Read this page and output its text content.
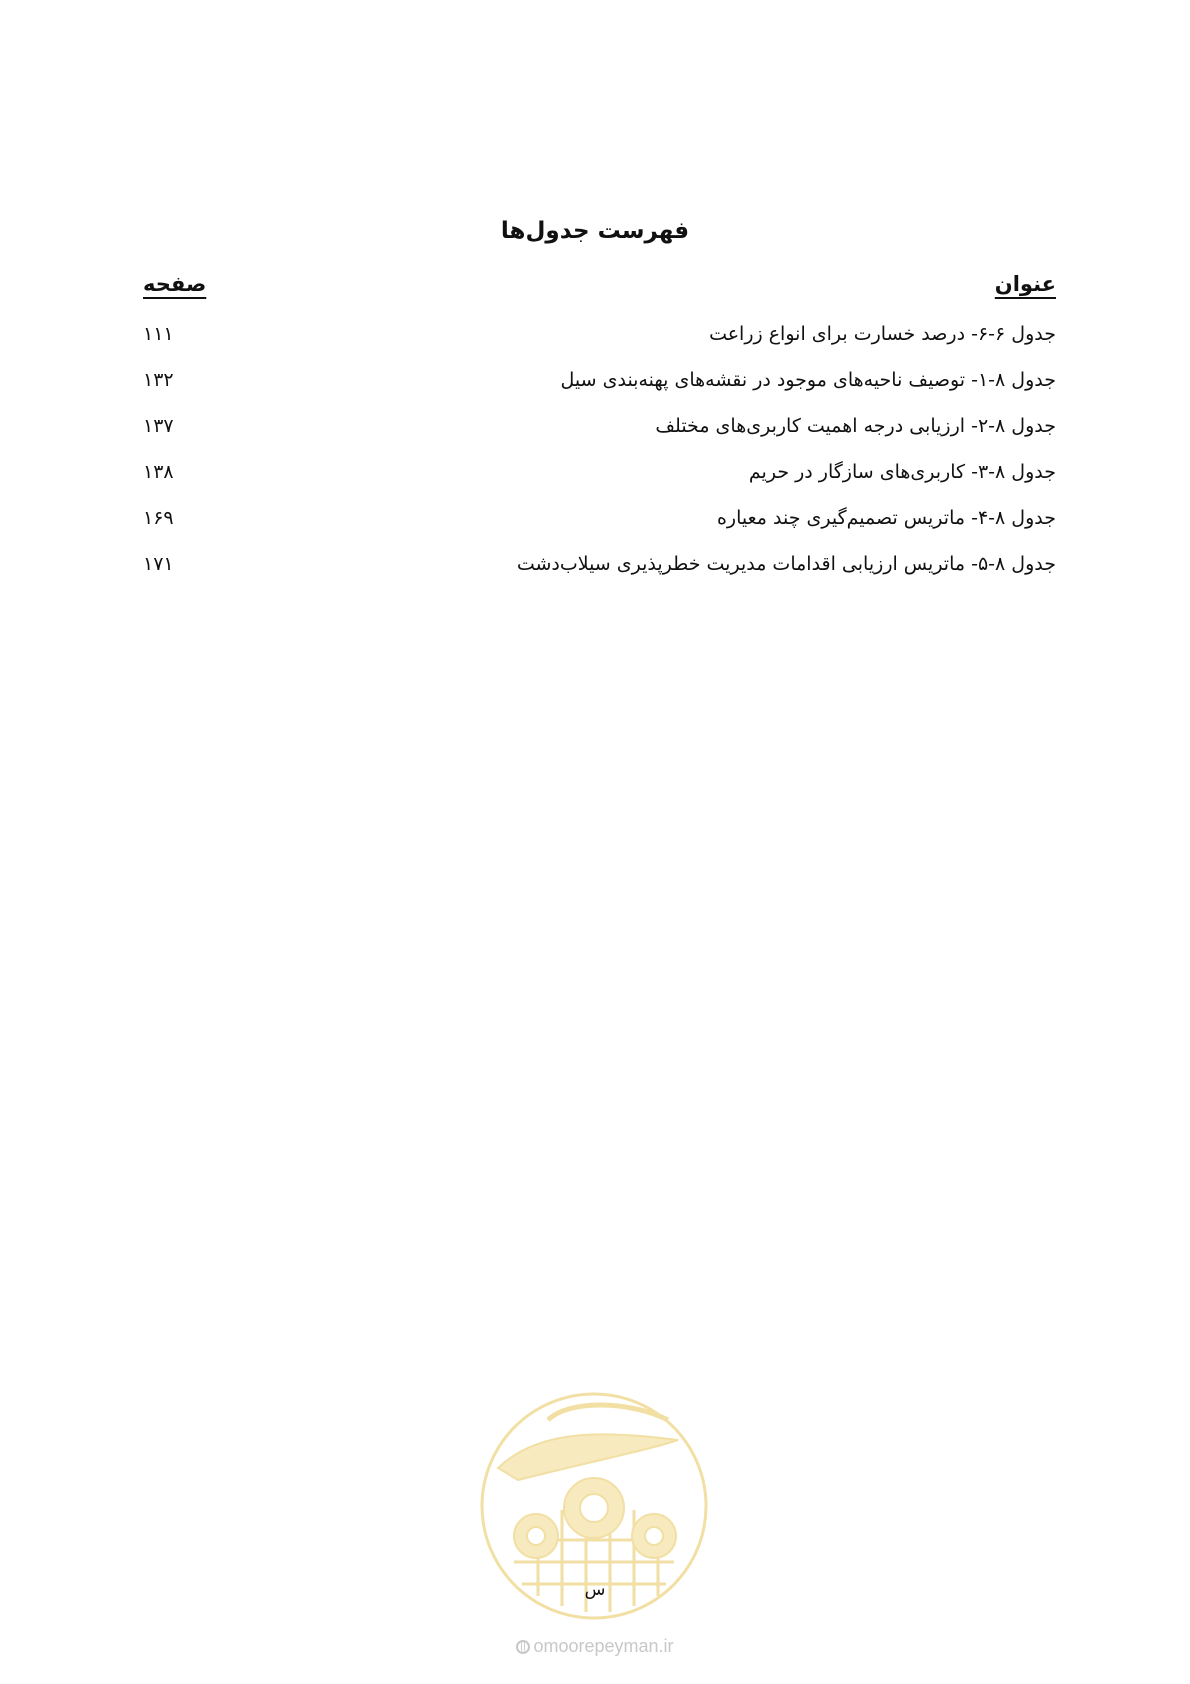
فهرست جدول‌ها
عنوان
صفحه
جدول ۶-۶- درصد خسارت برای انواع زراعت
۱۱۱
جدول ۸-۱- توصیف ناحیه‌های موجود در نقشه‌های پهنه‌بندی سیل
۱۳۲
جدول ۸-۲- ارزیابی درجه اهمیت کاربری‌های مختلف
۱۳۷
جدول ۸-۳- کاربری‌های سازگار در حریم
۱۳۸
جدول ۸-۴- ماتریس تصمیم‌گیری چند معیاره
۱۶۹
جدول ۸-۵- ماتریس ارزیابی اقدامات مدیریت خطرپذیری سیلاب‌دشت
۱۷۱
س
omoorepeyman.ir
